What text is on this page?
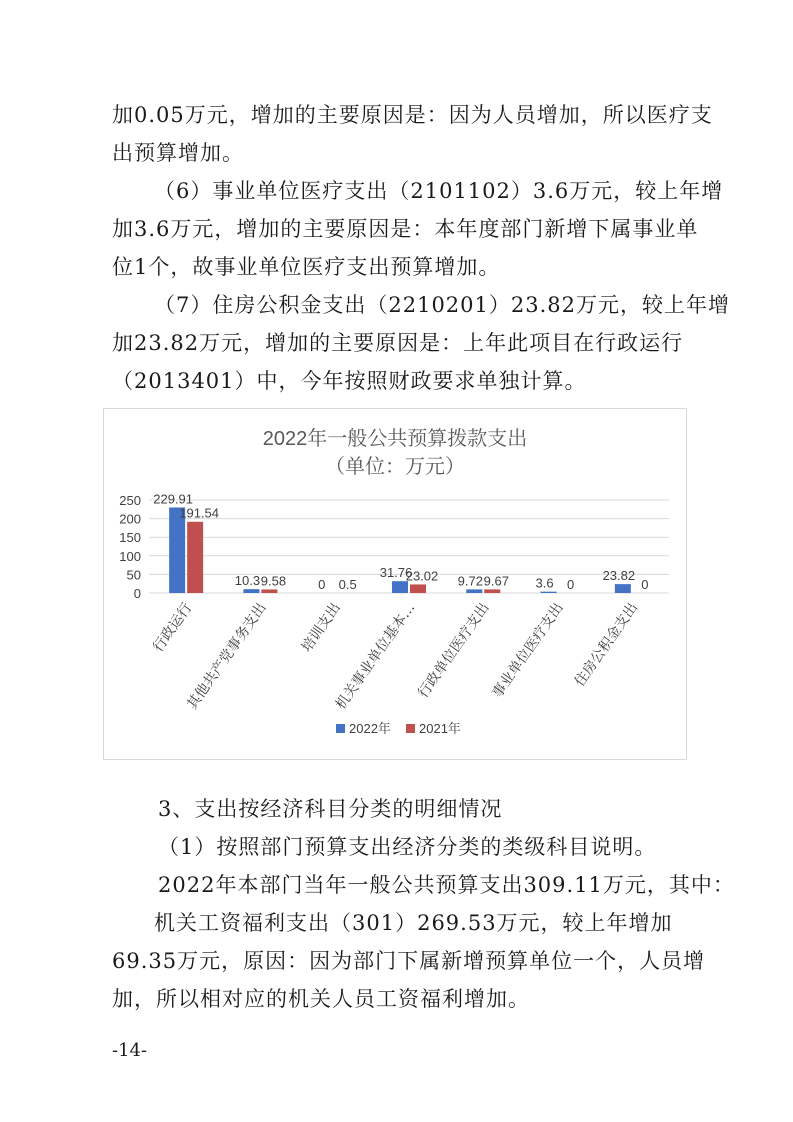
加0.05万元，增加的主要原因是：因为人员增加，所以医疗支
出预算增加。

（6）事业单位医疗支出（2101102）3.6万元，较上年增
加3.6万元，增加的主要原因是：本年度部门新增下属事业单
位1个，故事业单位医疗支出预算增加。

（7）住房公积金支出（2210201）23.82万元，较上年增
加23.82万元，增加的主要原因是：上年此项目在行政运行
（2013401）中，今年按照财政要求单独计算。

2022年一般公共预算拨款支出
（单位：万元）
0
50
100
150
200
250 229.91
191.54
行政运行
10.3 9.58
其他共产党事务支出
0 0.5
培训支出
31.76
23.02
机关事业单位基本…
9.72 9.67
行政单位医疗支出
3.6 0
事业单位医疗支出
23.82
0
住房公积金支出
2022年 2021年

3、支出按经济科目分类的明细情况

（1）按照部门预算支出经济分类的类级科目说明。

2022年本部门当年一般公共预算支出309.11万元，其中：

机关工资福利支出（301）269.53万元，较上年增加
69.35万元，原因：因为部门下属新增预算单位一个，人员增
加，所以相对应的机关人员工资福利增加。

-14-
